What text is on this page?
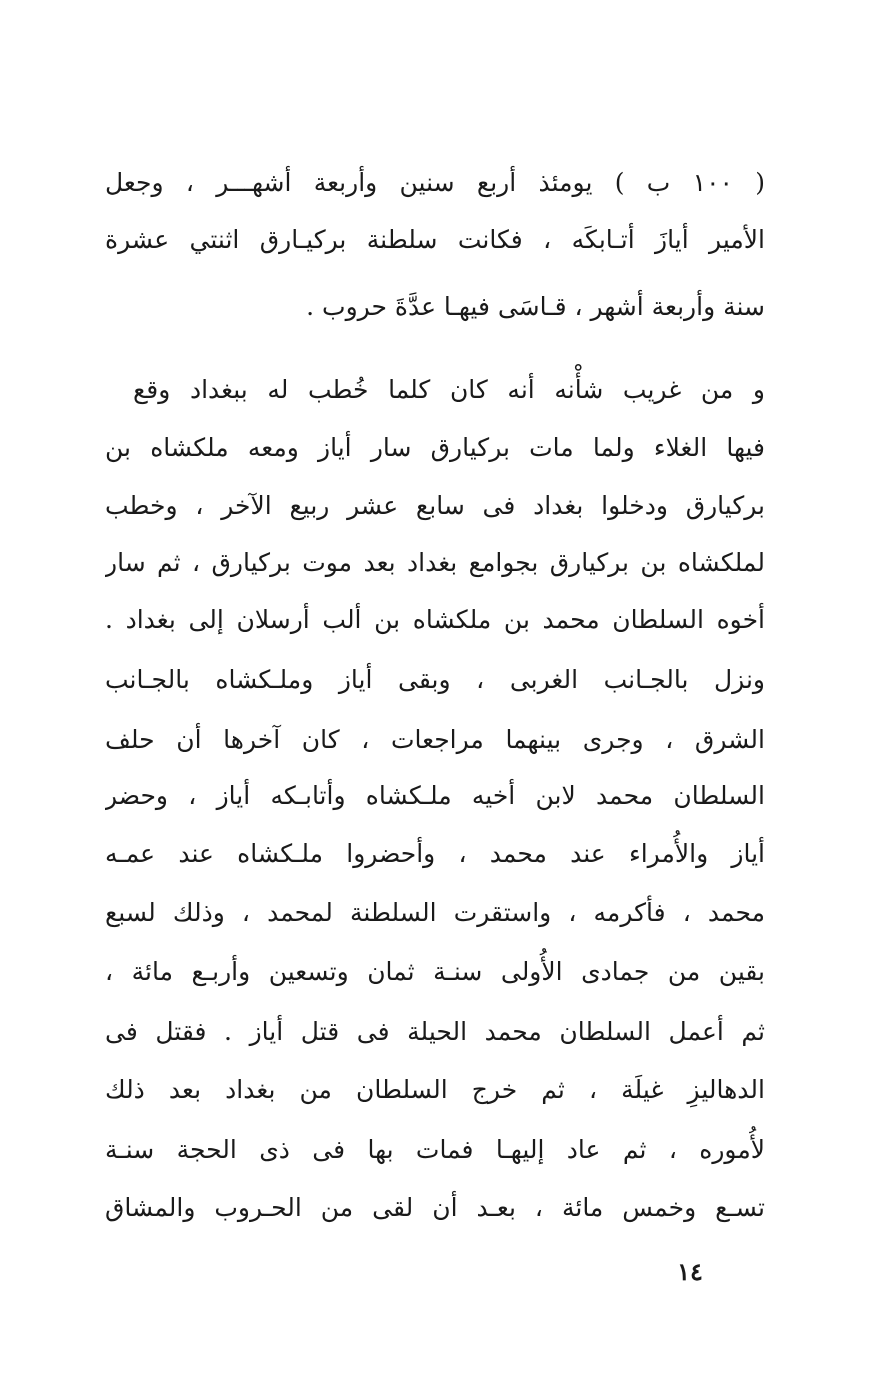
( ١٠٠ ب ) يومئذ أربع سنين وأربعة أشهـــر ، وجعل
الأمير أيازَ أتـابكَه ، فكانت سلطنة بركيـارق اثنتي عشرة
سنة وأربعة أشهر ، قـاسَى فيهـا عدَّةَ حروب .
و من غريب شأْنه أنه كان كلما خُطب له ببغداد وقع
فيها الغلاء ولما مات بركيارق سار أياز ومعه ملكشاه بن
بركيارق ودخلوا بغداد فى سابع عشر ربيع الآخر ، وخطب
لملكشاه بن بركيارق بجوامع بغداد بعد موت بركيارق ، ثم سار
أخوه السلطان محمد بن ملكشاه بن ألب أرسلان إلى بغداد .
ونزل بالجـانب الغربى ، وبقى أياز وملـكشاه بالجـانب
الشرق ، وجرى بينهما مراجعات ، كان آخرها أن حلف
السلطان محمد لابن أخيه ملـكشاه وأتابـكه أياز ، وحضر
أياز والأُمراء عند محمد ، وأحضروا ملـكشاه عند عمـه
محمد ، فأكرمه ، واستقرت السلطنة لمحمد ، وذلك لسبع
بقين من جمادى الأُولى سنـة ثمان وتسعين وأربـع مائة ،
ثم أعمل السلطان محمد الحيلة فى قتل أياز . فقتل فى
الدهاليزِ غيلَة ، ثم خرج السلطان من بغداد بعد ذلك
لأُموره ، ثم عاد إليهـا فمات بها فى ذى الحجة سنـة
تسـع وخمس مائة ، بعـد أن لقى من الحـروب والمشاق
١٤
